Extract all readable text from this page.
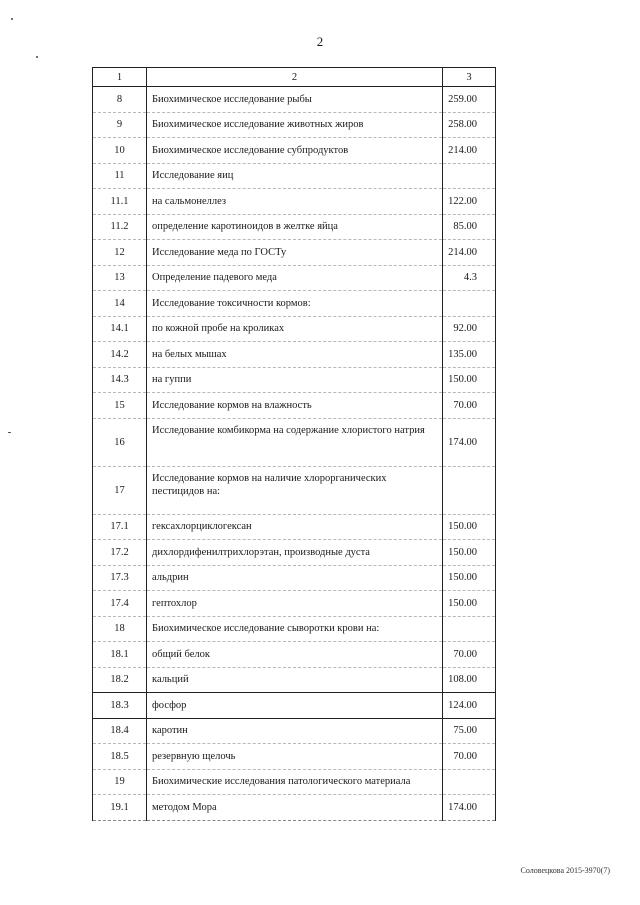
2
1	2	3
8	Биохимическое исследование рыбы	259.00
9	Биохимическое исследование животных жиров	258.00
10	Биохимическое исследование субпродуктов	214.00
11	Исследование яиц	
11.1	на сальмонеллез	122.00
11.2	определение каротиноидов в желтке яйца	85.00
12	Исследование меда по ГОСТу	214.00
13	Определение падевого меда	4.3
14	Исследование токсичности кормов:	
14.1	по кожной пробе на кроликах	92.00
14.2	на белых мышах	135.00
14.3	на гуппи	150.00
15	Исследование кормов на влажность	70.00
16	Исследование комбикорма на содержание хлористого натрия	174.00
17	Исследование кормов на наличие хлорорганических пестицидов на:	
17.1	гексахлорциклогексан	150.00
17.2	дихлордифенилтрихлорэтан, производные дуста	150.00
17.3	альдрин	150.00
17.4	гептохлор	150.00
18	Биохимическое исследование сыворотки крови на:	
18.1	общий белок	70.00
18.2	кальций	108.00
18.3	фосфор	124.00
18.4	каротин	75.00
18.5	резервную щелочь	70.00
19	Биохимические исследования патологического материала	
19.1	методом Мора	174.00
Соловецкова 2015-3970(7)
